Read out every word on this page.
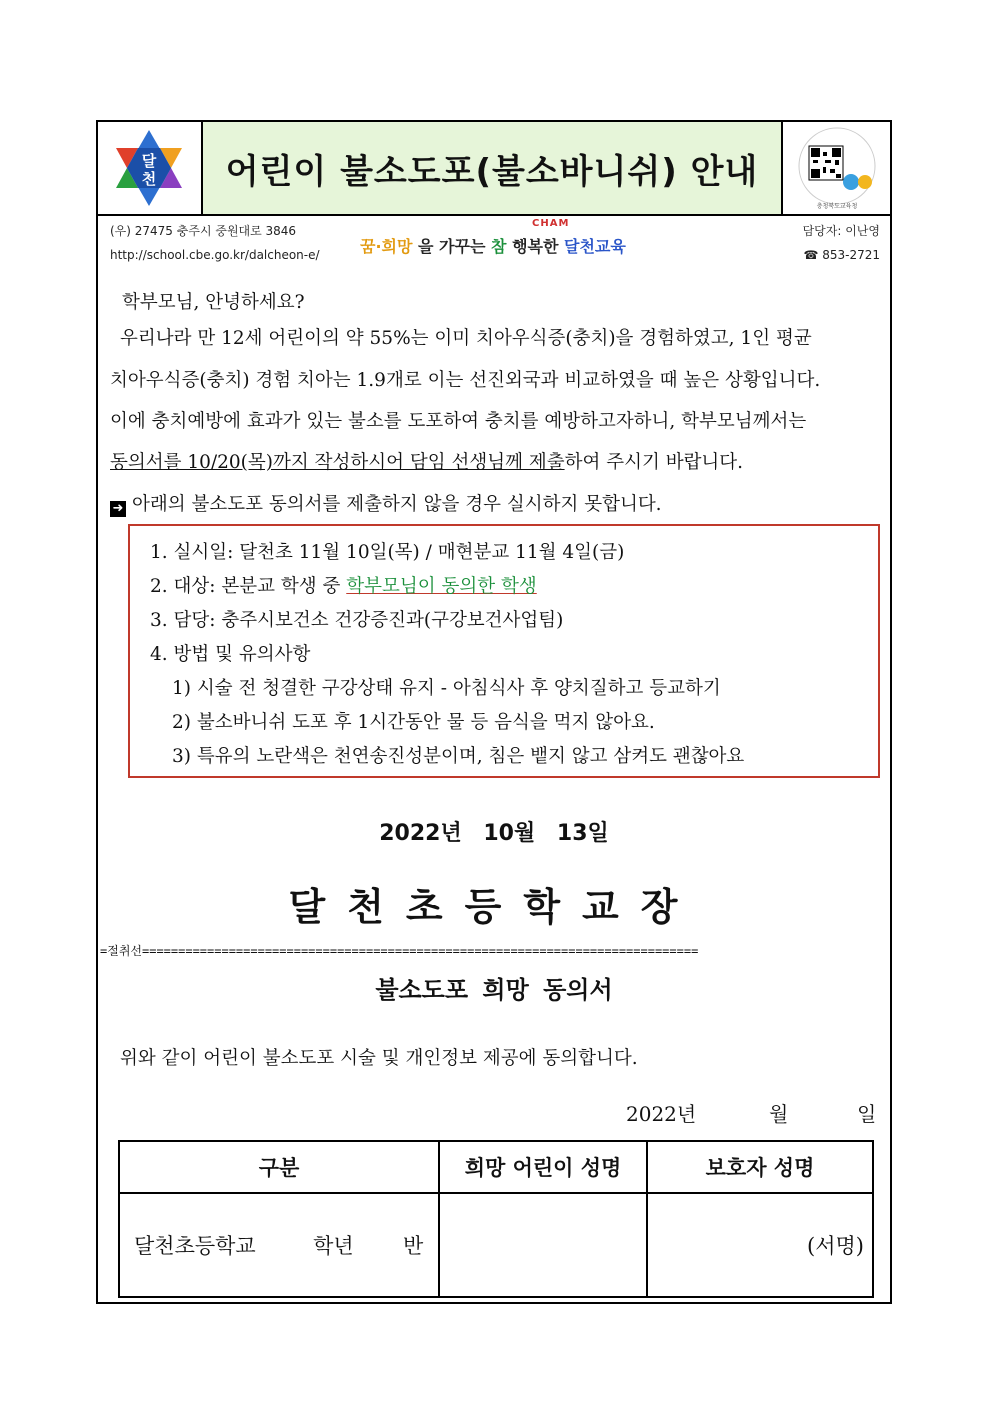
달
천 어린이 불소도포(불소바니쉬) 안내
충청북도교육청
(우) 27475 충주시 중원대로 3846
http://school.cbe.go.kr/dalcheon-e/
담당자: 이난영
☎ 853-2721
꿈·희망 을 가꾸는 참 행복한 달천교육
CHAM
학부모님, 안녕하세요?
우리나라 만 12세 어린이의 약 55%는 이미 치아우식증(충치)을 경험하였고, 1인 평균
치아우식증(충치) 경험 치아는 1.9개로 이는 선진외국과 비교하였을 때 높은 상황입니다.
이에 충치예방에 효과가 있는 불소를 도포하여 충치를 예방하고자하니, 학부모님께서는
동의서를 10/20(목)까지 작성하시어 담임 선생님께 제출하여 주시기 바랍니다.
➜ 아래의 불소도포 동의서를 제출하지 않을 경우 실시하지 못합니다.
1. 실시일: 달천초 11월 10일(목) / 매현분교 11월 4일(금)
2. 대상: 본분교 학생 중 학부모님이 동의한 학생
3. 담당: 충주시보건소 건강증진과(구강보건사업팀)
4. 방법 및 유의사항
1) 시술 전 청결한 구강상태 유지 - 아침식사 후 양치질하고 등교하기
2) 불소바니쉬 도포 후 1시간동안 물 등 음식을 먹지 않아요.
3) 특유의 노란색은 천연송진성분이며, 침은 뱉지 않고 삼켜도 괜찮아요
2022년 10월 13일
달천초등학교장
=절취선=============================================================================
불소도포 희망 동의서
위와 같이 어린이 불소도포 시술 및 개인정보 제공에 동의합니다.
2022년	월	일
구분	희망 어린이 성명	보호자 성명
달천초등학교 학년 반		(서명)
